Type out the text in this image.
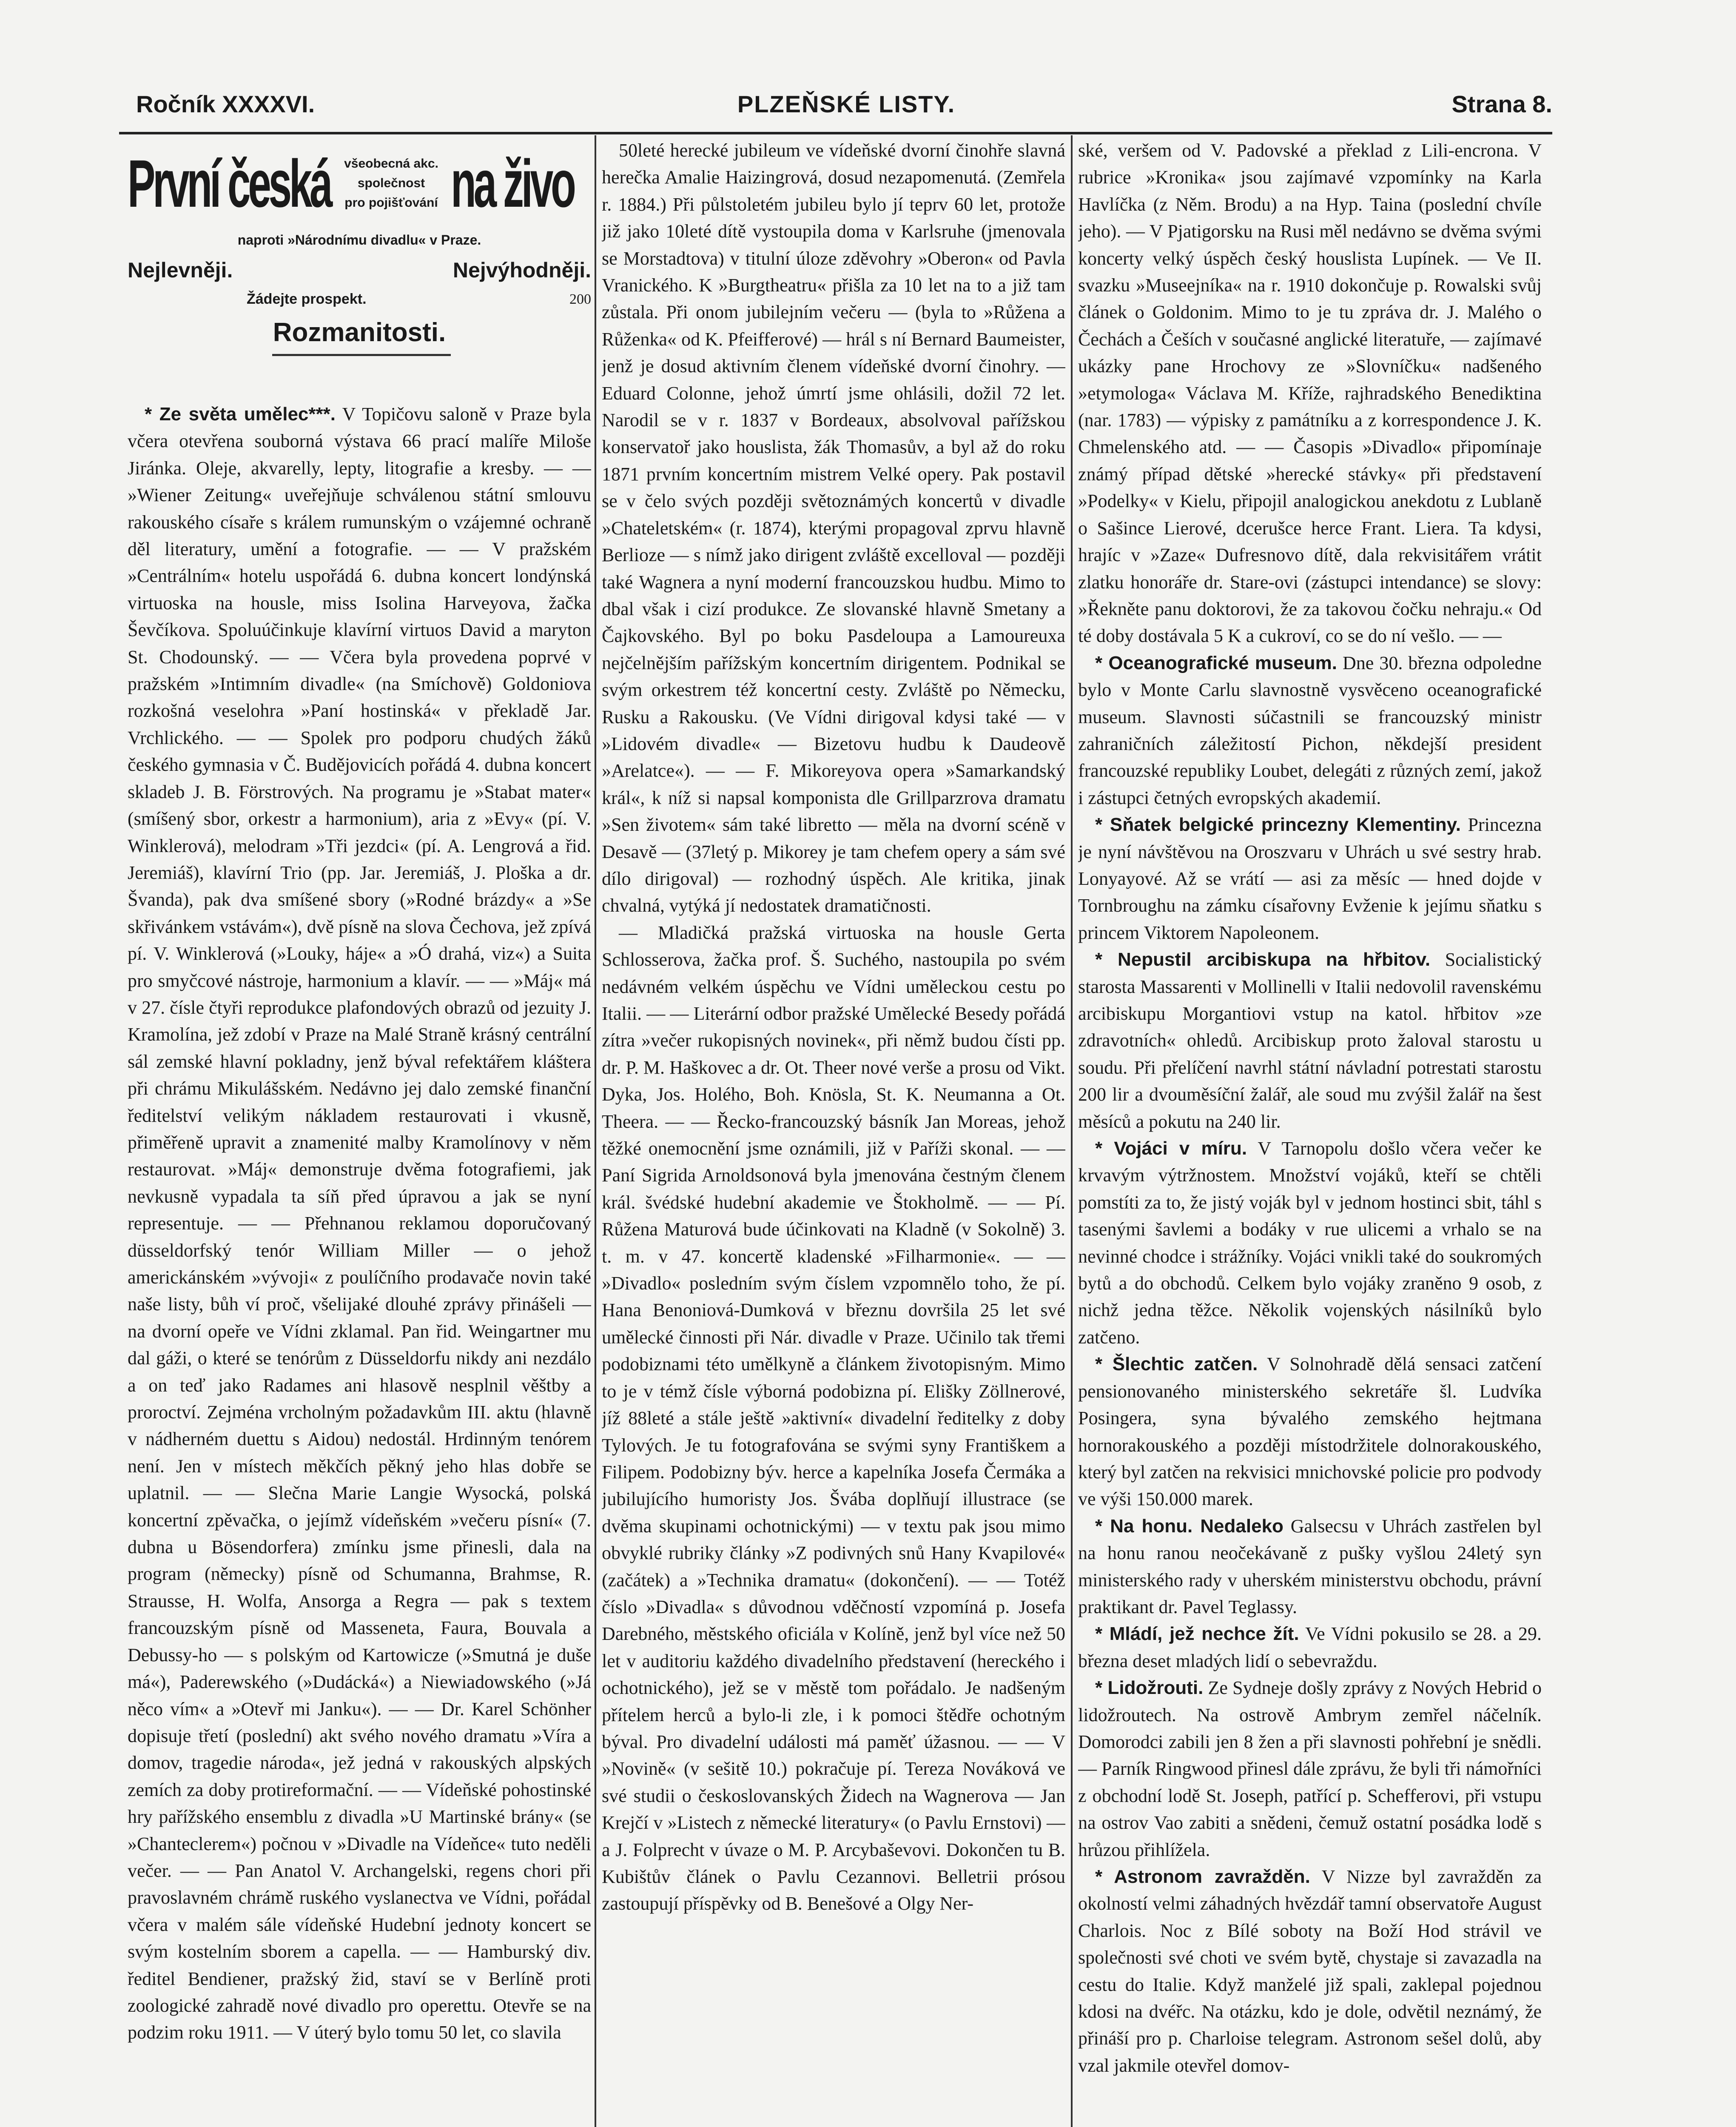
Ročník XXXXVI.	PLZEŇSKÉ LISTY.	Strana 8.
První česká	všeobecná akc.
společnost
pro pojišťování na živo
naproti »Národnímu divadlu« v Praze.
Nejlevněji.	Nejvýhodněji.
Žádejte prospekt.	200
Rozmanitosti.

* Ze světa umělec***. V Topičovu saloně v Praze byla včera otevřena souborná výstava 66 prací malíře Miloše Jiránka. Oleje, akvarelly, lepty, litografie a kresby. — — »Wiener Zeitung« uveřejňuje schválenou státní smlouvu rakouského císaře s králem rumunským o vzájemné ochraně děl literatury, umění a fotografie. — — V pražském »Centrálním« hotelu uspořádá 6. dubna koncert londýnská virtuoska na housle, miss Isolina Harveyova, žačka Ševčíkova. Spoluúčinkuje klavírní virtuos David a maryton St. Chodounský. — — Včera byla provedena poprvé v pražském »Intimním divadle« (na Smíchově) Goldoniova rozkošná veselohra »Paní hostinská« v překladě Jar. Vrchlického. — — Spolek pro podporu chudých žáků českého gymnasia v Č. Budějovicích pořádá 4. dubna koncert skladeb J. B. Förstrových. Na programu je »Stabat mater« (smíšený sbor, orkestr a harmonium), aria z »Evy« (pí. V. Winklerová), melodram »Tři jezdci« (pí. A. Lengrová a řid. Jeremiáš), klavírní Trio (pp. Jar. Jeremiáš, J. Ploška a dr. Švanda), pak dva smíšené sbory (»Rodné brázdy« a »Se skřivánkem vstávám«), dvě písně na slova Čechova, jež zpívá pí. V. Winklerová (»Louky, háje« a »Ó drahá, viz«) a Suita pro smyčcové nástroje, harmonium a klavír. — — »Máj« má v 27. čísle čtyři reprodukce plafondových obrazů od jezuity J. Kramolína, jež zdobí v Praze na Malé Straně krásný centrální sál zemské hlavní pokladny, jenž býval refektářem kláštera při chrámu Mikulášském. Nedávno jej dalo zemské finanční ředitelství velikým nákladem restaurovati i vkusně, přiměřeně upravit a znamenité malby Kramolínovy v něm restaurovat. »Máj« demonstruje dvěma fotografiemi, jak nevkusně vypadala ta síň před úpravou a jak se nyní representuje. — — Přehnanou reklamou doporučovaný düsseldorfský tenór William Miller — o jehož americkánském »vývoji« z poulíčního prodavače novin také naše listy, bůh ví proč, všelijaké dlouhé zprávy přinášeli — na dvorní opeře ve Vídni zklamal. Pan řid. Weingartner mu dal gáži, o které se tenórům z Düsseldorfu nikdy ani nezdálo a on teď jako Radames ani hlasově nesplnil věštby a proroctví. Zejména vrcholným požadavkům III. aktu (hlavně v nádherném duettu s Aidou) nedostál. Hrdinným tenórem není. Jen v místech měkčích pěkný jeho hlas dobře se uplatnil. — — Slečna Marie Langie Wysocká, polská koncertní zpěvačka, o jejímž vídeňském »večeru písní« (7. dubna u Bösendorfera) zmínku jsme přinesli, dala na program (německy) písně od Schumanna, Brahmse, R. Strausse, H. Wolfa, Ansorga a Regra — pak s textem francouzským písně od Masseneta, Faura, Bouvala a Debussy-ho — s polským od Kartowicze (»Smutná je duše má«), Paderewského (»Dudácká«) a Niewiadowského (»Já něco vím« a »Otevř mi Janku«). — — Dr. Karel Schönher dopisuje třetí (poslední) akt svého nového dramatu »Víra a domov, tragedie národa«, jež jedná v rakouských alpských zemích za doby protireformační. — — Vídeňské pohostinské hry pařížského ensemblu z divadla »U Martinské brány« (se »Chanteclerem«) počnou v »Divadle na Vídeňce« tuto neděli večer. — — Pan Anatol V. Archangelski, regens chori při pravoslavném chrámě ruského vyslanectva ve Vídni, pořádal včera v malém sále vídeňské Hudební jednoty koncert se svým kostelním sborem a capella. — — Hamburský div. ředitel Bendiener, pražský žid, staví se v Berlíně proti zoologické zahradě nové divadlo pro operettu. Otevře se na podzim roku 1911. — V úterý bylo tomu 50 let, co slavila

50leté herecké jubileum ve vídeňské dvorní činohře slavná herečka Amalie Haizingrová, dosud nezapomenutá. (Zemřela r. 1884.) Při půlstoletém jubileu bylo jí teprv 60 let, protože již jako 10leté dítě vystoupila doma v Karlsruhe (jmenovala se Morstadtova) v titulní úloze zděvohry »Oberon« od Pavla Vranického. K »Burgtheatru« přišla za 10 let na to a již tam zůstala. Při onom jubilejním večeru — (byla to »Růžena a Růženka« od K. Pfeifferové) — hrál s ní Bernard Baumeister, jenž je dosud aktivním členem vídeňské dvorní činohry. — Eduard Colonne, jehož úmrtí jsme ohlásili, dožil 72 let. Narodil se v r. 1837 v Bordeaux, absolvoval pařížskou konservatoř jako houslista, žák Thomasův, a byl až do roku 1871 prvním koncertním mistrem Velké opery. Pak postavil se v čelo svých později světoznámých koncertů v divadle »Chateletském« (r. 1874), kterými propagoval zprvu hlavně Berlioze — s nímž jako dirigent zvláště excelloval — později také Wagnera a nyní moderní francouzskou hudbu. Mimo to dbal však i cizí produkce. Ze slovanské hlavně Smetany a Čajkovského. Byl po boku Pasdeloupa a Lamoureuxa nejčelnějším pařížským koncertním dirigentem. Podnikal se svým orkestrem též koncertní cesty. Zvláště po Německu, Rusku a Rakousku. (Ve Vídni dirigoval kdysi také — v »Lidovém divadle« — Bizetovu hudbu k Daudeově »Arelatce«). — — F. Mikoreyova opera »Samarkandský král«, k níž si napsal komponista dle Grillparzrova dramatu »Sen životem« sám také libretto — měla na dvorní scéně v Desavě — (37letý p. Mikorey je tam chefem opery a sám své dílo dirigoval) — rozhodný úspěch. Ale kritika, jinak chvalná, vytýká jí nedostatek dramatičnosti.

— Mladičká pražská virtuoska na housle Gerta Schlosserova, žačka prof. Š. Suchého, nastoupila po svém nedávném velkém úspěchu ve Vídni uměleckou cestu po Italii. — — Literární odbor pražské Umělecké Besedy pořádá zítra »večer rukopisných novinek«, při němž budou čísti pp. dr. P. M. Haškovec a dr. Ot. Theer nové verše a prosu od Vikt. Dyka, Jos. Holého, Boh. Knösla, St. K. Neumanna a Ot. Theera. — — Řecko-francouzský básník Jan Moreas, jehož těžké onemocnění jsme oznámili, již v Paříži skonal. — — Paní Sigrida Arnoldsonová byla jmenována čestným členem král. švédské hudební akademie ve Štokholmě. — — Pí. Růžena Maturová bude účinkovati na Kladně (v Sokolně) 3. t. m. v 47. koncertě kladenské »Filharmonie«. — — »Divadlo« posledním svým číslem vzpomnělo toho, že pí. Hana Benoniová-Dumková v březnu dovršila 25 let své umělecké činnosti při Nár. divadle v Praze. Učinilo tak třemi podobiznami této umělkyně a článkem životopisným. Mimo to je v témž čísle výborná podobizna pí. Elišky Zöllnerové, jíž 88leté a stále ještě »aktivní« divadelní ředitelky z doby Tylových. Je tu fotografována se svými syny Františkem a Filipem. Podobizny býv. herce a kapelníka Josefa Čermáka a jubilujícího humoristy Jos. Švába doplňují illustrace (se dvěma skupinami ochotnickými) — v textu pak jsou mimo obvyklé rubriky články »Z podivných snů Hany Kvapilové« (začátek) a »Technika dramatu« (dokončení). — — Totéž číslo »Divadla« s důvodnou vděčností vzpomíná p. Josefa Darebného, městského oficiála v Kolíně, jenž byl více než 50 let v auditoriu každého divadelního představení (hereckého i ochotnického), jež se v městě tom pořádalo. Je nadšeným přítelem herců a bylo-li zle, i k pomoci štědře ochotným býval. Pro divadelní události má paměť úžasnou. — — V »Novině« (v sešitě 10.) pokračuje pí. Tereza Nováková ve své studii o českoslovanských Židech na Wagnerova — Jan Krejčí v »Listech z německé literatury« (o Pavlu Ernstovi) — a J. Folprecht v úvaze o M. P. Arcybaševovi. Dokončen tu B. Kubištův článek o Pavlu Cezannovi. Belletrii prósou zastoupují příspěvky od B. Benešové a Olgy Ner-

ské, veršem od V. Padovské a překlad z Lili-encrona. V rubrice »Kronika« jsou zajímavé vzpomínky na Karla Havlíčka (z Něm. Brodu) a na Hyp. Taina (poslední chvíle jeho). — V Pjatigorsku na Rusi měl nedávno se dvěma svými koncerty velký úspěch český houslista Lupínek. — Ve II. svazku »Museejníka« na r. 1910 dokončuje p. Rowalski svůj článek o Goldonim. Mimo to je tu zpráva dr. J. Malého o Čechách a Češích v současné anglické literatuře, — zajímavé ukázky pane Hrochovy ze »Slovníčku« nadšeného »etymologa« Václava M. Kříže, rajhradského Benediktina (nar. 1783) — výpisky z památníku a z korrespondence J. K. Chmelenského atd. — — Časopis »Divadlo« připomínaje známý případ dětské »herecké stávky« při představení »Podelky« v Kielu, připojil analogickou anekdotu z Lublaně o Sašince Lierové, dcerušce herce Frant. Liera. Ta kdysi, hrajíc v »Zaze« Dufresnovo dítě, dala rekvisitářem vrátit zlatku honoráře dr. Stare-ovi (zástupci intendance) se slovy: »Řekněte panu doktorovi, že za takovou čočku nehraju.« Od té doby dostávala 5 K a cukroví, co se do ní vešlo. — —

* Oceanografické museum. Dne 30. března odpoledne bylo v Monte Carlu slavnostně vysvěceno oceanografické museum. Slavnosti súčastnili se francouzský ministr zahraničních záležitostí Pichon, někdejší president francouzské republiky Loubet, delegáti z různých zemí, jakož i zástupci četných evropských akademií.

* Sňatek belgické princezny Klementiny. Princezna je nyní návštěvou na Oroszvaru v Uhrách u své sestry hrab. Lonyayové. Až se vrátí — asi za měsíc — hned dojde v Tornbroughu na zámku císařovny Evženie k jejímu sňatku s princem Viktorem Napoleonem.

* Nepustil arcibiskupa na hřbitov. Socialistický starosta Massarenti v Mollinelli v Italii nedovolil ravenskému arcibiskupu Morgantiovi vstup na katol. hřbitov »ze zdravotních« ohledů. Arcibiskup proto žaloval starostu u soudu. Při přelíčení navrhl státní návladní potrestati starostu 200 lir a dvouměsíční žalář, ale soud mu zvýšil žalář na šest měsíců a pokutu na 240 lir.

* Vojáci v míru. V Tarnopolu došlo včera večer ke krvavým výtržnostem. Množství vojáků, kteří se chtěli pomstíti za to, že jistý voják byl v jednom hostinci sbit, táhl s tasenými šavlemi a bodáky v rue ulicemi a vrhalo se na nevinné chodce i strážníky. Vojáci vnikli také do soukromých bytů a do obchodů. Celkem bylo vojáky zraněno 9 osob, z nichž jedna těžce. Několik vojenských násilníků bylo zatčeno.

* Šlechtic zatčen. V Solnohradě dělá sensaci zatčení pensionovaného ministerského sekretáře šl. Ludvíka Posingera, syna bývalého zemského hejtmana hornorakouského a později místodržitele dolnorakouského, který byl zatčen na rekvisici mnichovské policie pro podvody ve výši 150.000 marek.

* Na honu. Nedaleko Galsecsu v Uhrách zastřelen byl na honu ranou neočekávaně z pušky vyšlou 24letý syn ministerského rady v uherském ministerstvu obchodu, právní praktikant dr. Pavel Teglassy.

* Mládí, jež nechce žít. Ve Vídni pokusilo se 28. a 29. března deset mladých lidí o sebevraždu.

* Lidožrouti. Ze Sydneje došly zprávy z Nových Hebrid o lidožroutech. Na ostrově Ambrym zemřel náčelník. Domorodci zabili jen 8 žen a při slavnosti pohřební je snědli. — Parník Ringwood přinesl dále zprávu, že byli tři námořníci z obchodní lodě St. Joseph, patřící p. Schefferovi, při vstupu na ostrov Vao zabiti a snědeni, čemuž ostatní posádka lodě s hrůzou přihlížela.

* Astronom zavražděn. V Nizze byl zavražděn za okolností velmi záhadných hvězdář tamní observatoře August Charlois. Noc z Bílé soboty na Boží Hod strávil ve společnosti své choti ve svém bytě, chystaje si zavazadla na cestu do Italie. Když manželé již spali, zaklepal pojednou kdosi na dvéřc. Na otázku, kdo je dole, odvětil neznámý, že přináší pro p. Charloise telegram. Astronom sešel dolů, aby vzal jakmile otevřel domov-
